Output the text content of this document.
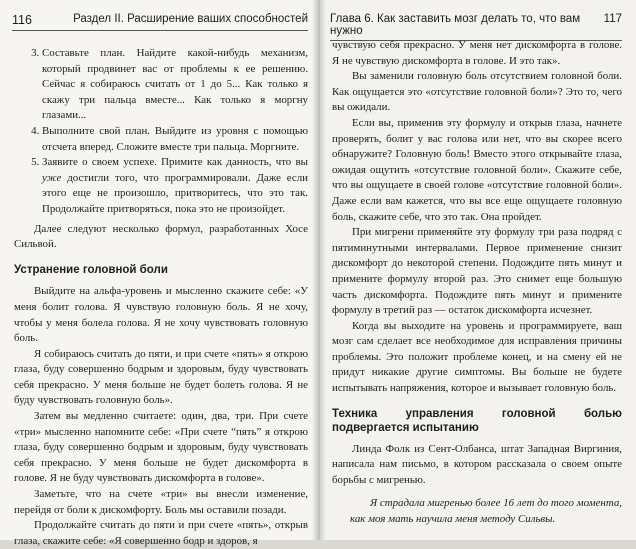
116	Раздел II. Расширение ваших способностей
3. Составьте план. Найдите какой-нибудь механизм, который продвинет вас от проблемы к ее решению. Сейчас я собираюсь считать от 1 до 5... Как только я скажу три пальца вместе... Как только я моргну глазами...
4. Выполните свой план. Выйдите из уровня с помощью отсчета вперед. Сложите вместе три пальца. Моргните.
5. Заявите о своем успехе. Примите как данность, что вы уже достигли того, что программировали. Даже если этого еще не произошло, притворитесь, что это так. Продолжайте притворяться, пока это не произойдет.

Далее следуют несколько формул, разработанных Хосе Сильвой.

Устранение головной боли

Выйдите на альфа-уровень и мысленно скажите себе: «У меня болит голова. Я чувствую головную боль. Я не хочу, чтобы у меня болела голова. Я не хочу чувствовать головную боль.

Я собираюсь считать до пяти, и при счете «пять» я открою глаза, буду совершенно бодрым и здоровым, буду чувствовать себя прекрасно. У меня больше не будет болеть голова. Я не буду чувствовать головную боль».

Затем вы медленно считаете: один, два, три. При счете «три» мысленно напомните себе: «При счете “пять” я открою глаза, буду совершенно бодрым и здоровым, буду чувствовать себя прекрасно. У меня больше не будет дискомфорта в голове. Я не буду чувствовать дискомфорта в голове».

Заметьте, что на счете «три» вы внесли изменение, перейдя от боли к дискомфорту. Боль мы оставили позади.

Продолжайте считать до пяти и при счете «пять», открыв глаза, скажите себе: «Я совершенно бодр и здоров, я

Глава 6. Как заставить мозг делать то, что вам нужно
117

чувствую себя прекрасно. У меня нет дискомфорта в голове. Я не чувствую дискомфорта в голове. И это так».

Вы заменили головную боль отсутствием головной боли. Как ощущается это «отсутствие головной боли»? Это то, чего вы ожидали.

Если вы, применив эту формулу и открыв глаза, начнете проверять, болит у вас голова или нет, что вы скорее всего обнаружите? Головную боль! Вместо этого открывайте глаза, ожидая ощутить «отсутствие головной боли». Скажите себе, что вы ощущаете в своей голове «отсутствие головной боли». Даже если вам кажется, что вы все еще ощущаете головную боль, скажите себе, что это так. Она пройдет.

При мигрени применяйте эту формулу три раза подряд с пятиминутными интервалами. Первое применение снизит дискомфорт до некоторой степени. Подождите пять минут и примените формулу второй раз. Это снимет еще большую часть дискомфорта. Подождите пять минут и примените формулу в третий раз — остаток дискомфорта исчезнет.

Когда вы выходите на уровень и программируете, ваш мозг сам сделает все необходимое для исправления причины проблемы. Это положит проблеме конец, и на смену ей не придут никакие другие симптомы. Вы больше не будете испытывать напряжения, которое и вызывает головную боль.

Техника управления головной болью подвергается испытанию

Линда Фолк из Сент-Олбанса, штат Западная Виргиния, написала нам письмо, в котором рассказала о своем опыте борьбы с мигренью.

Я страдала мигренью более 16 лет до того момента, как моя мать научила меня методу Сильвы.
